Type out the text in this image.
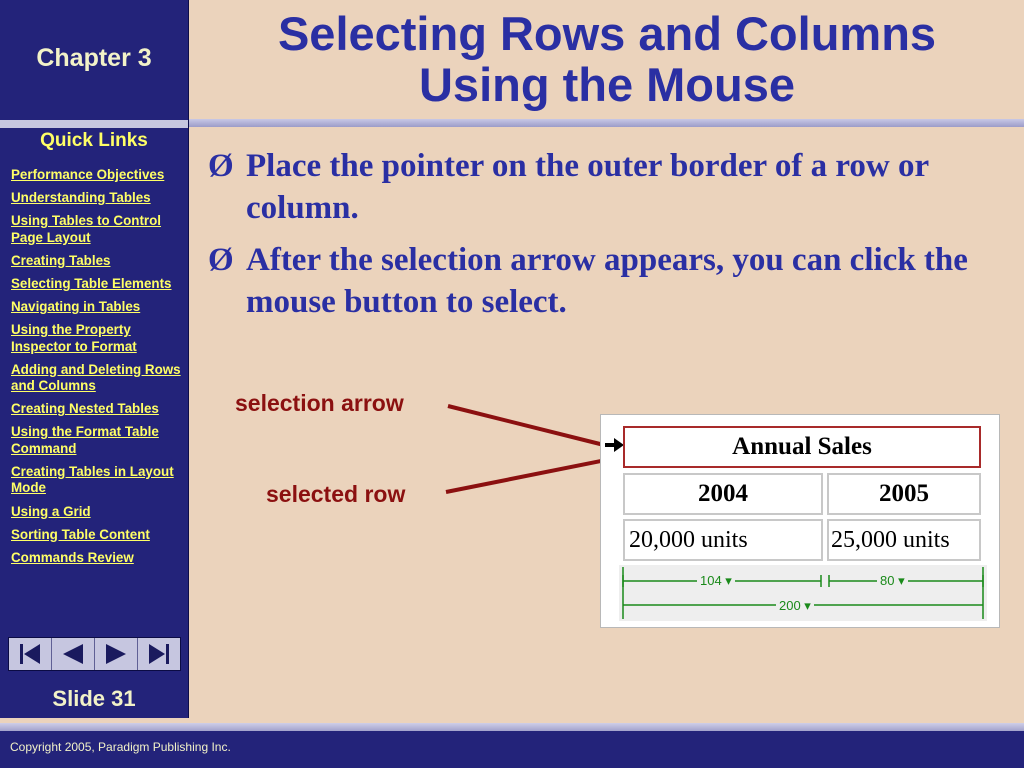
Chapter 3
Quick Links
Performance Objectives
Understanding Tables
Using Tables to Control Page Layout
Creating Tables
Selecting Table Elements
Navigating in Tables
Using the Property Inspector to Format
Adding and Deleting Rows and Columns
Creating Nested Tables
Using the Format Table Command
Creating Tables in Layout Mode
Using a Grid
Sorting Table Content
Commands Review
Slide 31
Selecting Rows and Columns
Using the Mouse
Ø Place the pointer on the outer border of a row or column.
Ø After the selection arrow appears, you can click the mouse button to select.
selection arrow
selected row
Annual Sales
2004	2005
20,000 units	25,000 units
104 ▾	80 ▾
200 ▾
Copyright 2005, Paradigm Publishing Inc.
